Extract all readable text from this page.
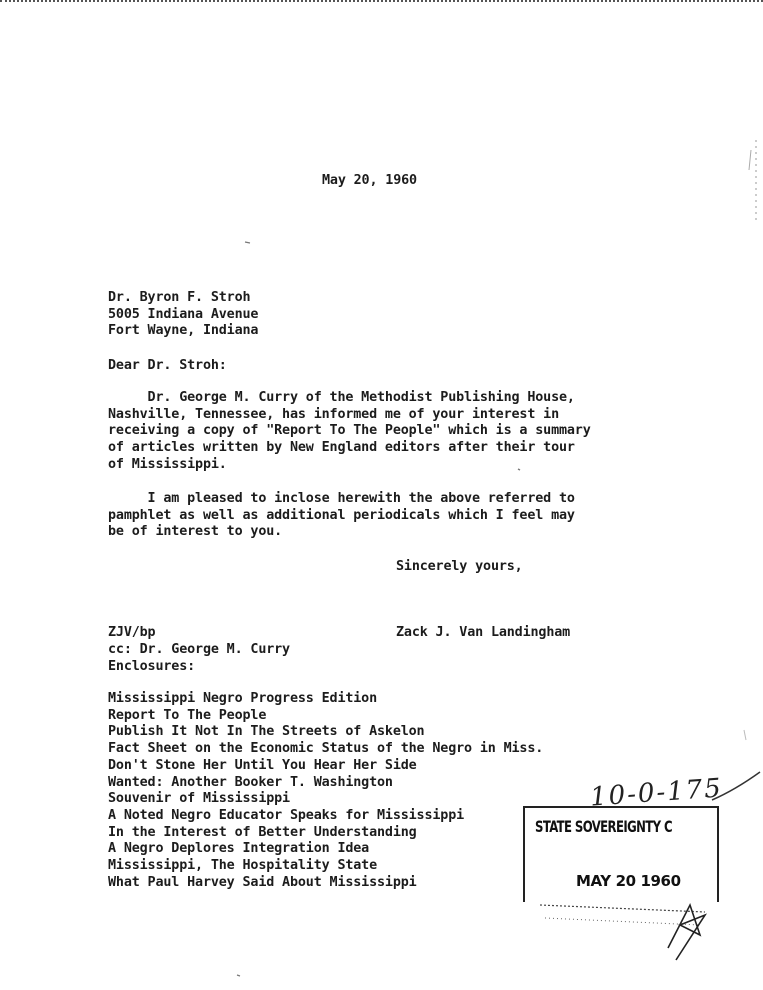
May 20, 1960
Dr. Byron F. Stroh
5005 Indiana Avenue
Fort Wayne, Indiana
Dear Dr. Stroh:
Dr. George M. Curry of the Methodist Publishing House,
Nashville, Tennessee, has informed me of your interest in
receiving a copy of "Report To The People" which is a summary
of articles written by New England editors after their tour
of Mississippi.
I am pleased to inclose herewith the above referred to
pamphlet as well as additional periodicals which I feel may
be of interest to you.
Sincerely yours,
ZJV/bp	Zack J. Van Landingham
cc: Dr. George M. Curry
Enclosures:
Mississippi Negro Progress Edition
Report To The People
Publish It Not In The Streets of Askelon
Fact Sheet on the Economic Status of the Negro in Miss.
Don't Stone Her Until You Hear Her Side
Wanted: Another Booker T. Washington
Souvenir of Mississippi
A Noted Negro Educator Speaks for Mississippi
In the Interest of Better Understanding
A Negro Deplores Integration Idea
Mississippi, The Hospitality State
What Paul Harvey Said About Mississippi
10-0-175
STATE SOVEREIGNTY C
MAY 20 1960
